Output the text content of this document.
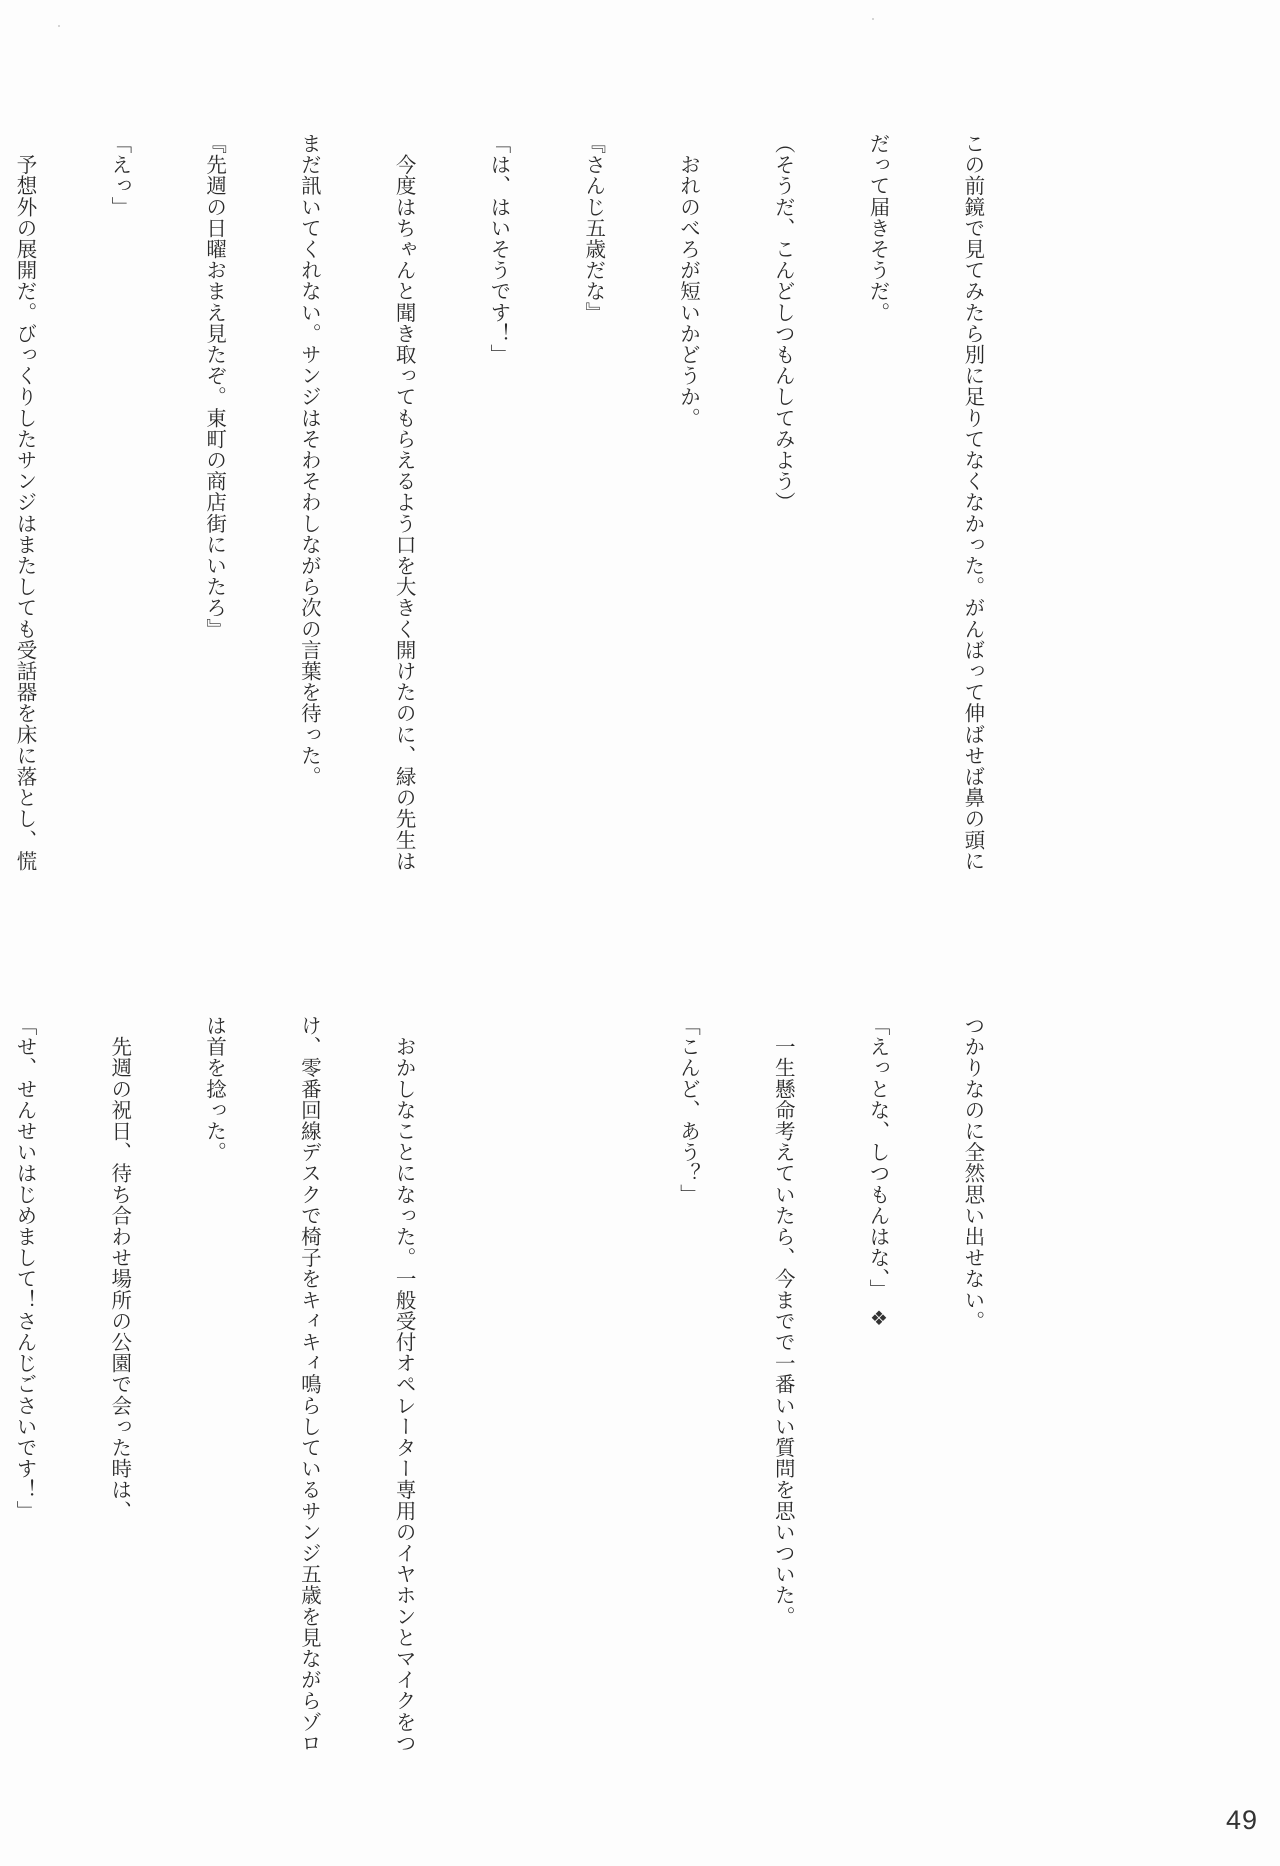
この前鏡で見てみたら別に足りてなくなかった。がんばって伸ばせば鼻の頭に

だって届きそうだ。

（そうだ、こんどしつもんしてみよう）

　おれのべろが短いかどうか。

『さんじ五歳だな』

「は、はいそうです！」

　今度はちゃんと聞き取ってもらえるよう口を大きく開けたのに、緑の先生は

まだ訊いてくれない。サンジはそわそわしながら次の言葉を待った。

『先週の日曜おまえ見たぞ。東町の商店街にいたろ』

「えっ」

　予想外の展開だ。びっくりしたサンジはまたしても受話器を床に落とし、慌

つかりなのに全然思い出せない。

「えっとな、しつもんはな、」

　一生懸命考えていたら、今までで一番いい質問を思いついた。

「こんど、あう？」

　おかしなことになった。一般受付オペレーター専用のイヤホンとマイクをつ

け、零番回線デスクで椅子をキィキィ鳴らしているサンジ五歳を見ながらゾロ

は首を捻った。

　先週の祝日、待ち合わせ場所の公園で会った時は、

「せ、せんせいはじめまして！さんじごさいです！」

	❖
49
